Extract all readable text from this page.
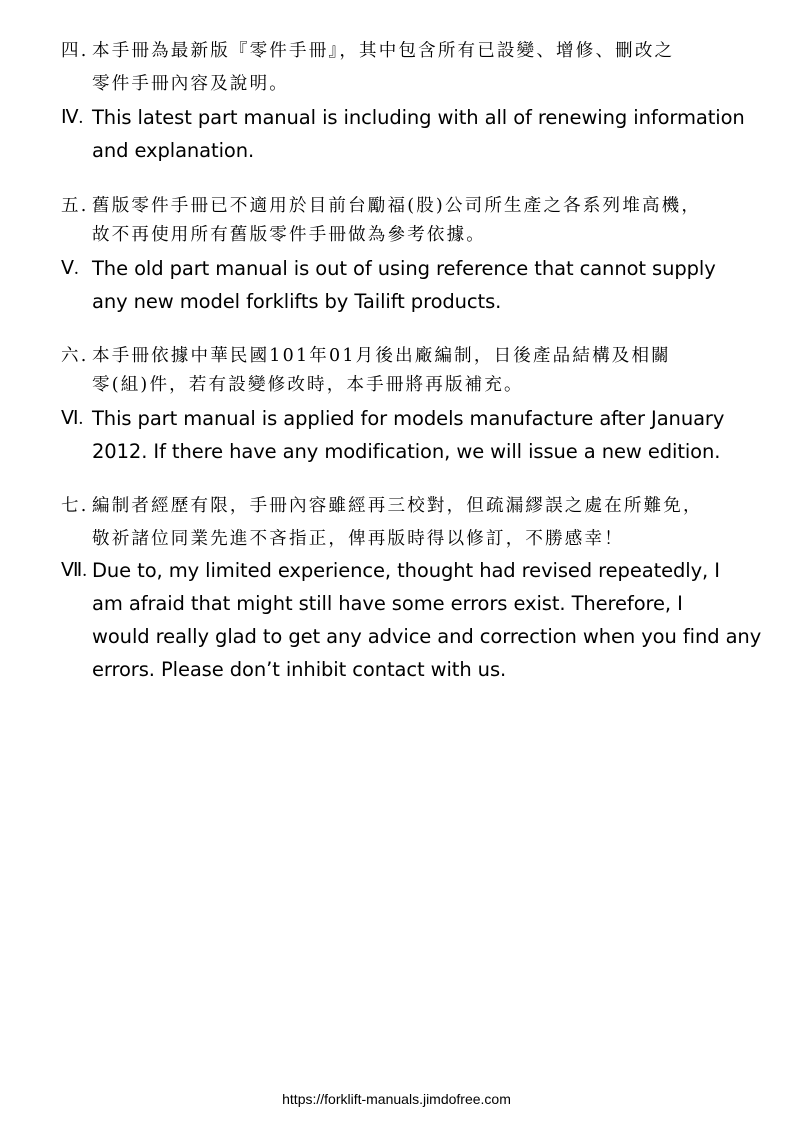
四. 本手冊為最新版『零件手冊』，其中包含所有已設變、增修、刪改之
零件手冊內容及說明。
Ⅳ. This latest part manual is including with all of renewing information
and explanation.
五. 舊版零件手冊已不適用於目前台勵福(股)公司所生產之各系列堆高機，
故不再使用所有舊版零件手冊做為參考依據。
Ⅴ. The old part manual is out of using reference that cannot supply
any new model forklifts by Tailift products.
六. 本手冊依據中華民國101年01月後出廠編制，日後產品結構及相關
零(組)件，若有設變修改時，本手冊將再版補充。
Ⅵ. This part manual is applied for models manufacture after January
2012. If there have any modification, we will issue a new edition.
七. 編制者經歷有限，手冊內容雖經再三校對，但疏漏繆誤之處在所難免，
敬祈諸位同業先進不吝指正，俾再版時得以修訂，不勝感幸！
Ⅶ. Due to, my limited experience, thought had revised repeatedly, I
am afraid that might still have some errors exist. Therefore, I
would really glad to get any advice and correction when you find any
errors. Please don’t inhibit contact with us.
https://forklift-manuals.jimdofree.com
